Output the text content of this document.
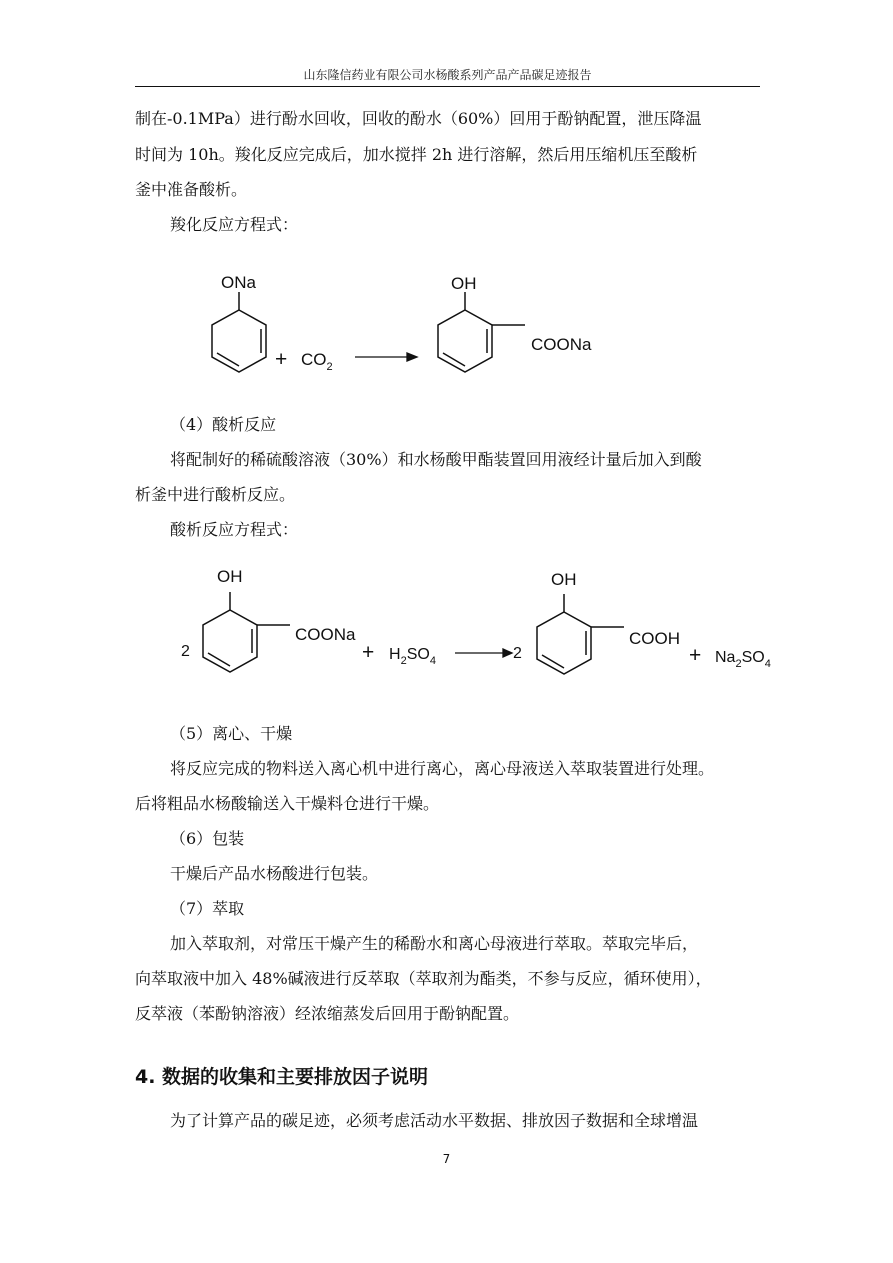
山东隆信药业有限公司水杨酸系列产品产品碳足迹报告

制在-0.1MPa）进行酚水回收，回收的酚水（60%）回用于酚钠配置，泄压降温

时间为 10h。羧化反应完成后，加水搅拌 2h 进行溶解，然后用压缩机压至酸析

釜中准备酸析。

羧化反应方程式：

ONa
+ $CO_2$
OH
COONa

（4）酸析反应

将配制好的稀硫酸溶液（30%）和水杨酸甲酯装置回用液经计量后加入到酸

析釜中进行酸析反应。

酸析反应方程式：

2
OH
COONa
+ $H_2SO_4$	2
OH
COOH
+ $Na_2SO_4$

（5）离心、干燥

将反应完成的物料送入离心机中进行离心，离心母液送入萃取装置进行处理。

后将粗品水杨酸输送入干燥料仓进行干燥。

（6）包装

干燥后产品水杨酸进行包装。

（7）萃取

加入萃取剂，对常压干燥产生的稀酚水和离心母液进行萃取。萃取完毕后，

向萃取液中加入 48%碱液进行反萃取（萃取剂为酯类，不参与反应，循环使用），

反萃液（苯酚钠溶液）经浓缩蒸发后回用于酚钠配置。

4. 数据的收集和主要排放因子说明

为了计算产品的碳足迹，必须考虑活动水平数据、排放因子数据和全球增温

7
